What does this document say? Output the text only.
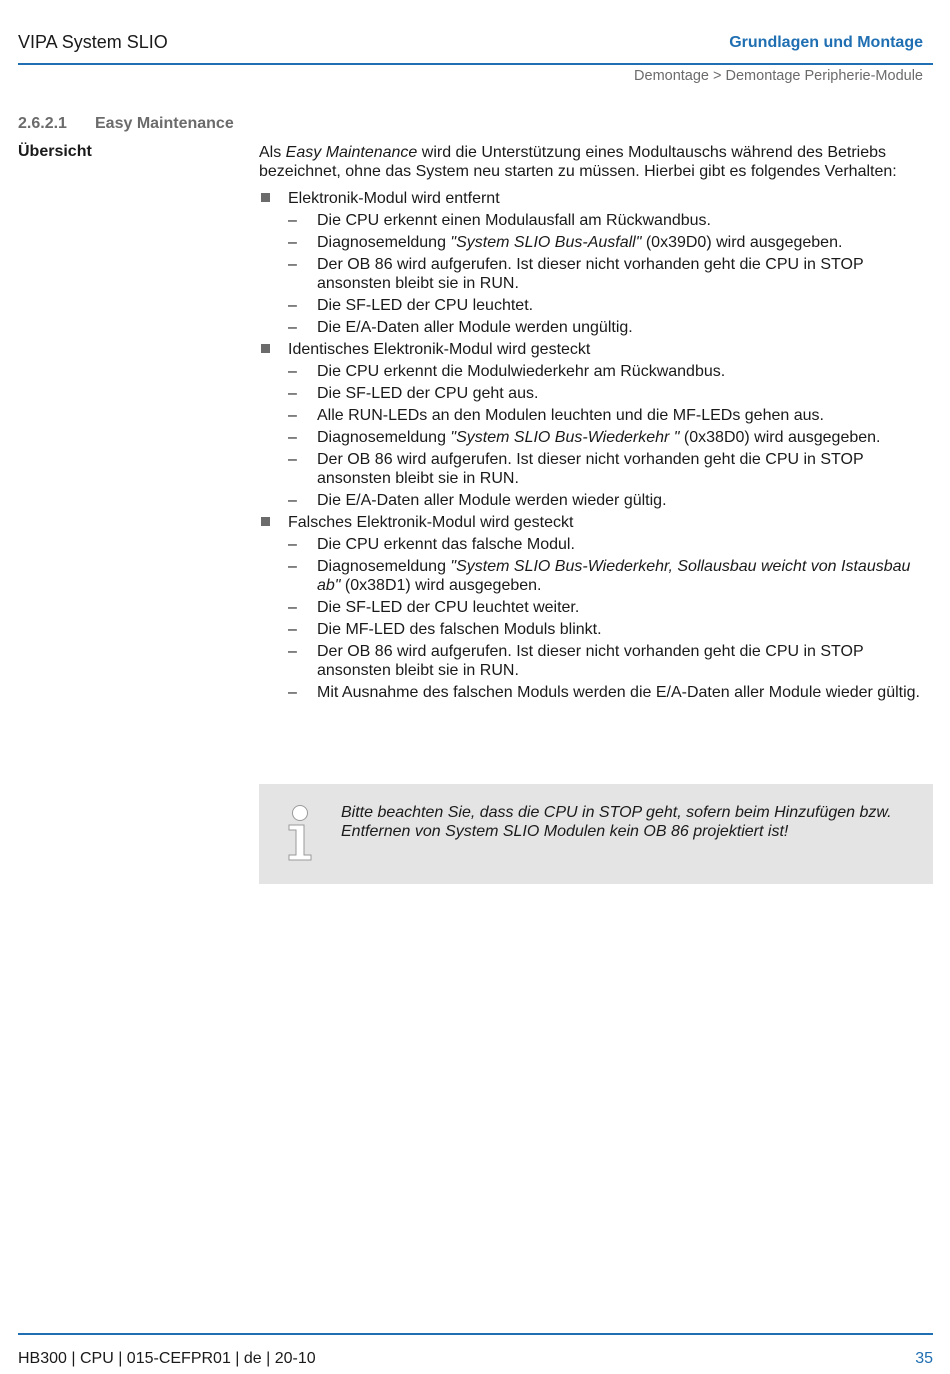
VIPA System SLIO	Grundlagen und Montage
Demontage > Demontage Peripherie-Module
2.6.2.1 Easy Maintenance
Übersicht	Als Easy Maintenance wird die Unterstützung eines Modultauschs während des Betriebs bezeichnet, ohne das System neu starten zu müssen. Hierbei gibt es folgendes Verhalten:

Elektronik-Modul wird entfernt
– Die CPU erkennt einen Modulausfall am Rückwandbus.
– Diagnosemeldung "System SLIO Bus-Ausfall" (0x39D0) wird ausgegeben.
– Der OB 86 wird aufgerufen. Ist dieser nicht vorhanden geht die CPU in STOP ansonsten bleibt sie in RUN.
– Die SF-LED der CPU leuchtet.
– Die E/A-Daten aller Module werden ungültig.
Identisches Elektronik-Modul wird gesteckt
– Die CPU erkennt die Modulwiederkehr am Rückwandbus.
– Die SF-LED der CPU geht aus.
– Alle RUN-LEDs an den Modulen leuchten und die MF-LEDs gehen aus.
– Diagnosemeldung "System SLIO Bus-Wiederkehr " (0x38D0) wird ausgegeben.
– Der OB 86 wird aufgerufen. Ist dieser nicht vorhanden geht die CPU in STOP ansonsten bleibt sie in RUN.
– Die E/A-Daten aller Module werden wieder gültig.
Falsches Elektronik-Modul wird gesteckt
– Die CPU erkennt das falsche Modul.
– Diagnosemeldung "System SLIO Bus-Wiederkehr, Sollausbau weicht von Istausbau ab" (0x38D1) wird ausgegeben.
– Die SF-LED der CPU leuchtet weiter.
– Die MF-LED des falschen Moduls blinkt.
– Der OB 86 wird aufgerufen. Ist dieser nicht vorhanden geht die CPU in STOP ansonsten bleibt sie in RUN.
– Mit Ausnahme des falschen Moduls werden die E/A-Daten aller Module wieder gültig.
Bitte beachten Sie, dass die CPU in STOP geht, sofern beim Hinzufügen bzw. Entfernen von System SLIO Modulen kein OB 86 projektiert ist!
HB300 | CPU | 015-CEFPR01 | de | 20-10	35
